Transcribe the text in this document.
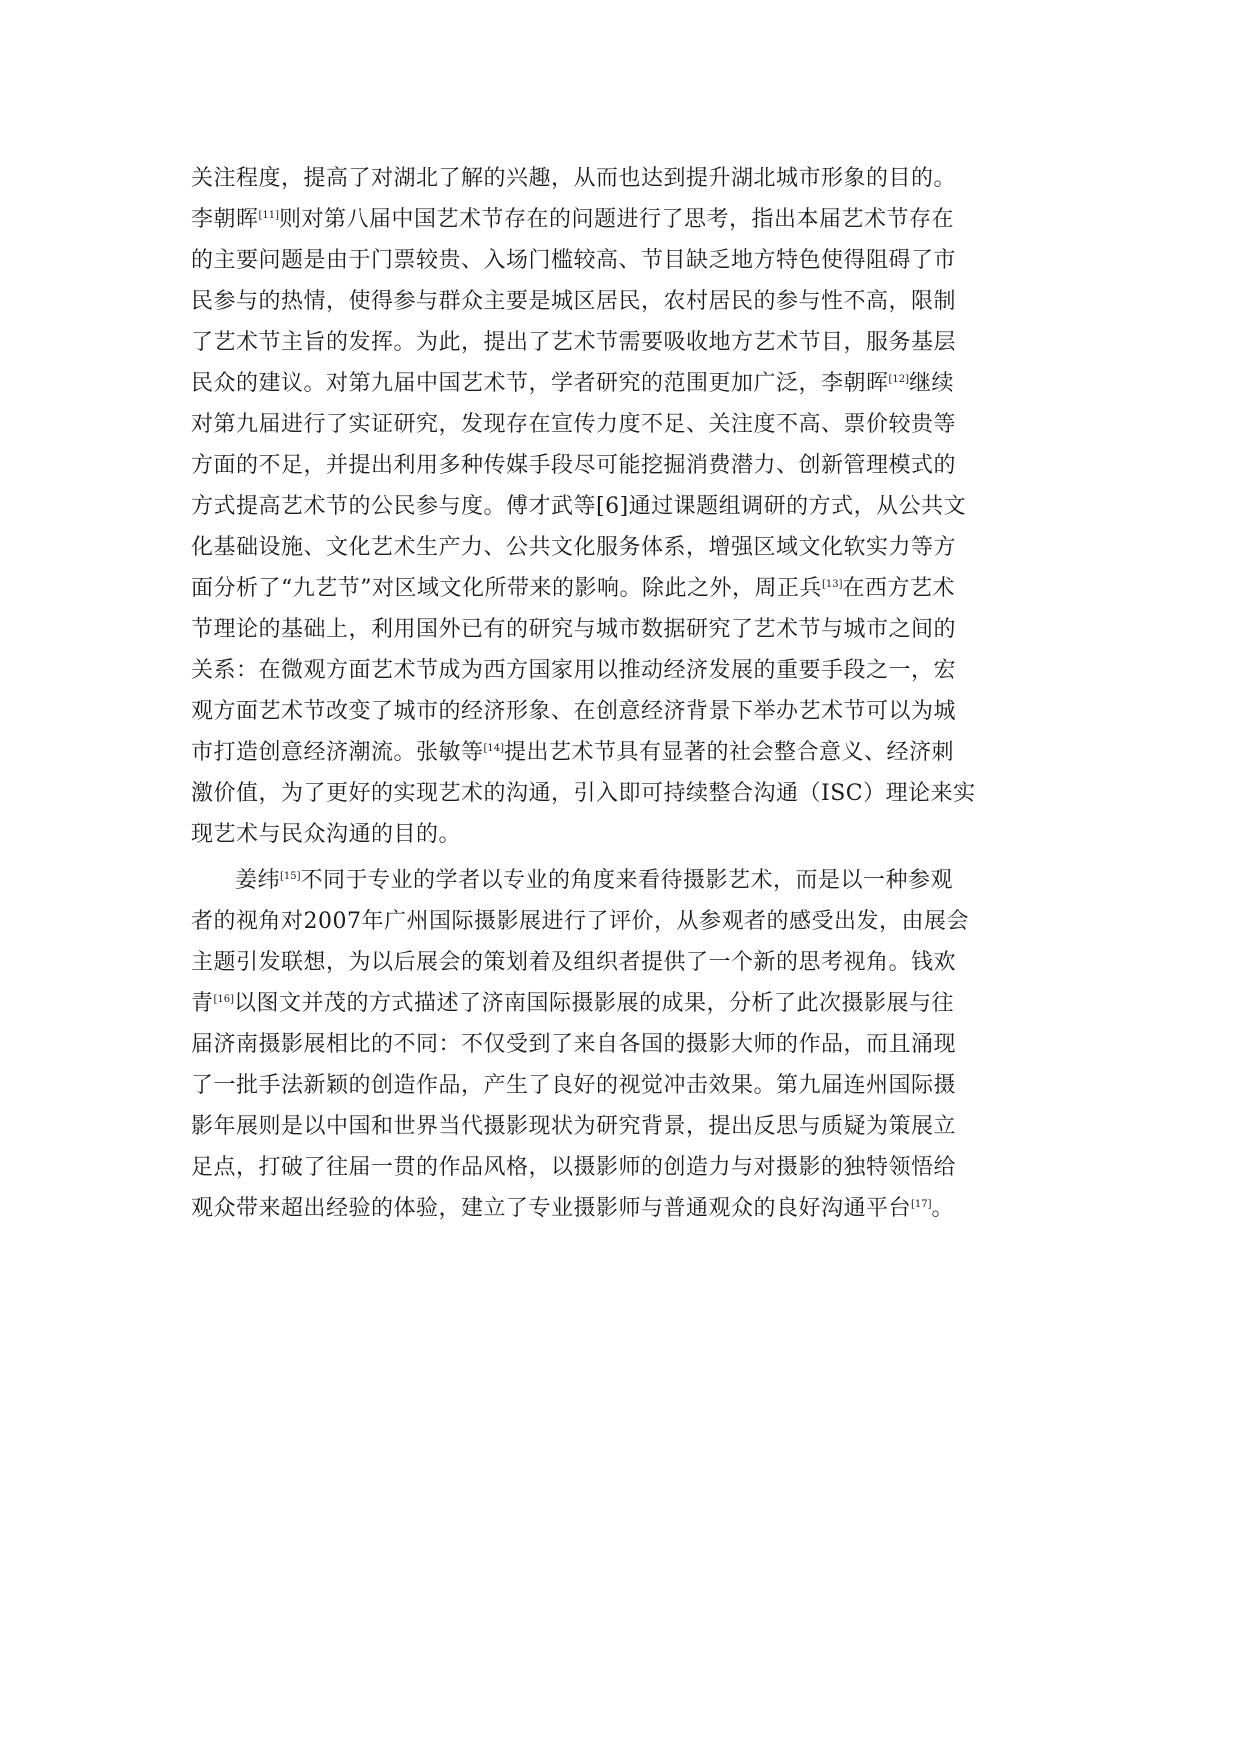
关注程度，提高了对湖北了解的兴趣，从而也达到提升湖北城市形象的目的。
李朝晖[11]则对第八届中国艺术节存在的问题进行了思考，指出本届艺术节存在
的主要问题是由于门票较贵、入场门槛较高、节目缺乏地方特色使得阻碍了市
民参与的热情，使得参与群众主要是城区居民，农村居民的参与性不高，限制
了艺术节主旨的发挥。为此，提出了艺术节需要吸收地方艺术节目，服务基层
民众的建议。对第九届中国艺术节，学者研究的范围更加广泛，李朝晖[12]继续
对第九届进行了实证研究，发现存在宣传力度不足、关注度不高、票价较贵等
方面的不足，并提出利用多种传媒手段尽可能挖掘消费潜力、创新管理模式的
方式提高艺术节的公民参与度。傅才武等[6]通过课题组调研的方式，从公共文
化基础设施、文化艺术生产力、公共文化服务体系，增强区域文化软实力等方
面分析了“九艺节”对区域文化所带来的影响。除此之外，周正兵[13]在西方艺术
节理论的基础上，利用国外已有的研究与城市数据研究了艺术节与城市之间的
关系：在微观方面艺术节成为西方国家用以推动经济发展的重要手段之一，宏
观方面艺术节改变了城市的经济形象、在创意经济背景下举办艺术节可以为城
市打造创意经济潮流。张敏等[14]提出艺术节具有显著的社会整合意义、经济刺
激价值，为了更好的实现艺术的沟通，引入即可持续整合沟通（ISC）理论来实
现艺术与民众沟通的目的。
姜纬[15]不同于专业的学者以专业的角度来看待摄影艺术，而是以一种参观
者的视角对2007年广州国际摄影展进行了评价，从参观者的感受出发，由展会
主题引发联想，为以后展会的策划着及组织者提供了一个新的思考视角。钱欢
青[16]以图文并茂的方式描述了济南国际摄影展的成果，分析了此次摄影展与往
届济南摄影展相比的不同：不仅受到了来自各国的摄影大师的作品，而且涌现
了一批手法新颖的创造作品，产生了良好的视觉冲击效果。第九届连州国际摄
影年展则是以中国和世界当代摄影现状为研究背景，提出反思与质疑为策展立
足点，打破了往届一贯的作品风格，以摄影师的创造力与对摄影的独特领悟给
观众带来超出经验的体验，建立了专业摄影师与普通观众的良好沟通平台[17]。
